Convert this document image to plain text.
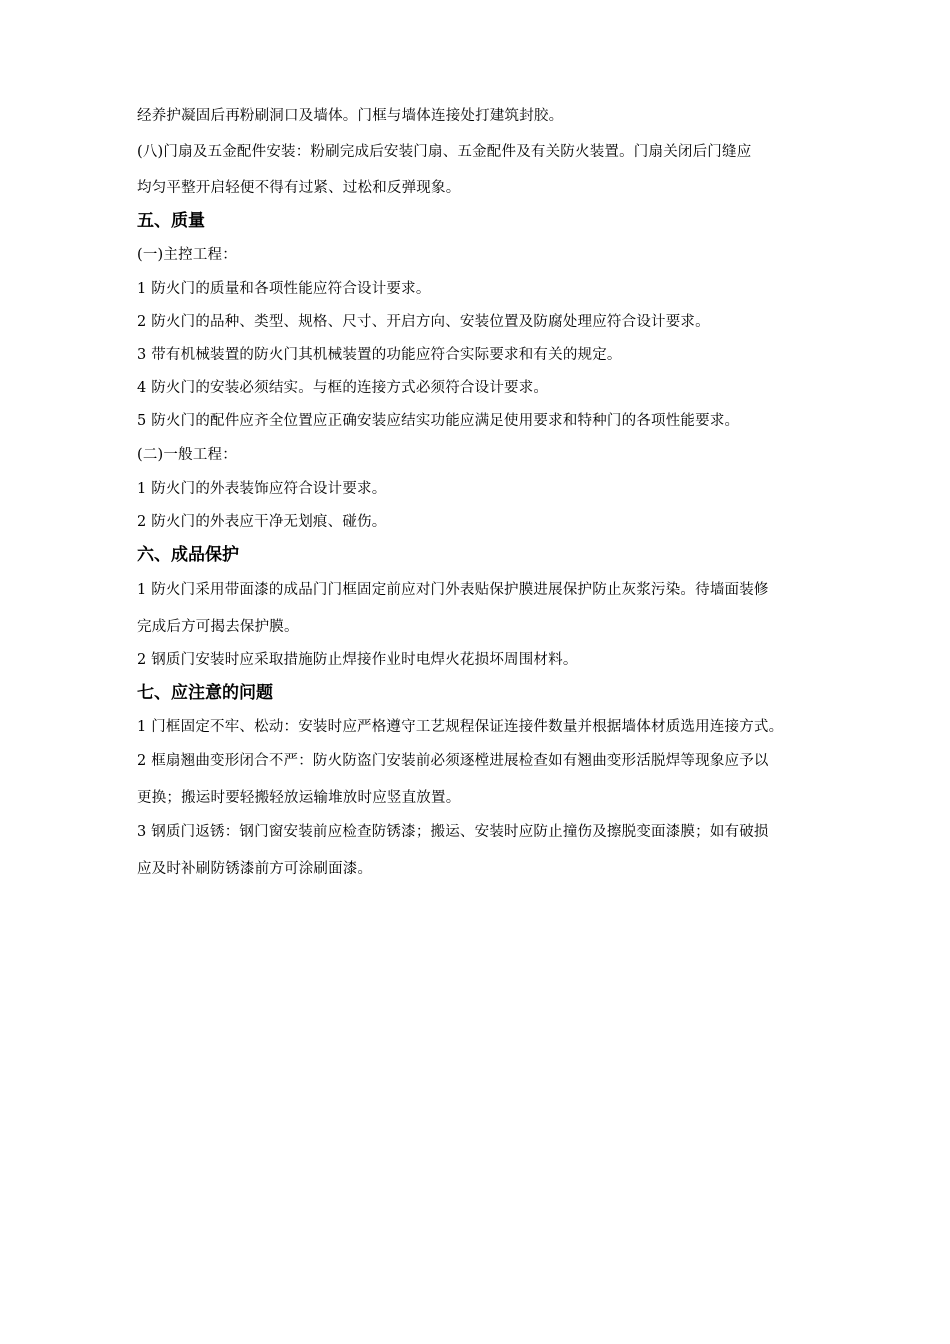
经养护凝固后再粉刷洞口及墙体。门框与墙体连接处打建筑封胶。
(八)门扇及五金配件安装：粉刷完成后安装门扇、五金配件及有关防火装置。门扇关闭后门缝应
均匀平整开启轻便不得有过紧、过松和反弹现象。
五、质量
(一)主控工程：
1 防火门的质量和各项性能应符合设计要求。
2 防火门的品种、类型、规格、尺寸、开启方向、安装位置及防腐处理应符合设计要求。
3 带有机械装置的防火门其机械装置的功能应符合实际要求和有关的规定。
4 防火门的安装必须结实。与框的连接方式必须符合设计要求。
5 防火门的配件应齐全位置应正确安装应结实功能应满足使用要求和特种门的各项性能要求。
(二)一般工程：
1 防火门的外表装饰应符合设计要求。
2 防火门的外表应干净无划痕、碰伤。
六、成品保护
1 防火门采用带面漆的成品门门框固定前应对门外表贴保护膜进展保护防止灰浆污染。待墙面装修
完成后方可揭去保护膜。
2 钢质门安装时应采取措施防止焊接作业时电焊火花损坏周围材料。
七、应注意的问题
1 门框固定不牢、松动：安装时应严格遵守工艺规程保证连接件数量并根据墙体材质选用连接方式。
2 框扇翘曲变形闭合不严：防火防盗门安装前必须逐樘进展检查如有翘曲变形活脱焊等现象应予以
更换；搬运时要轻搬轻放运输堆放时应竖直放置。
3 钢质门返锈：钢门窗安装前应检查防锈漆；搬运、安装时应防止撞伤及擦脱变面漆膜；如有破损
应及时补刷防锈漆前方可涂刷面漆。
